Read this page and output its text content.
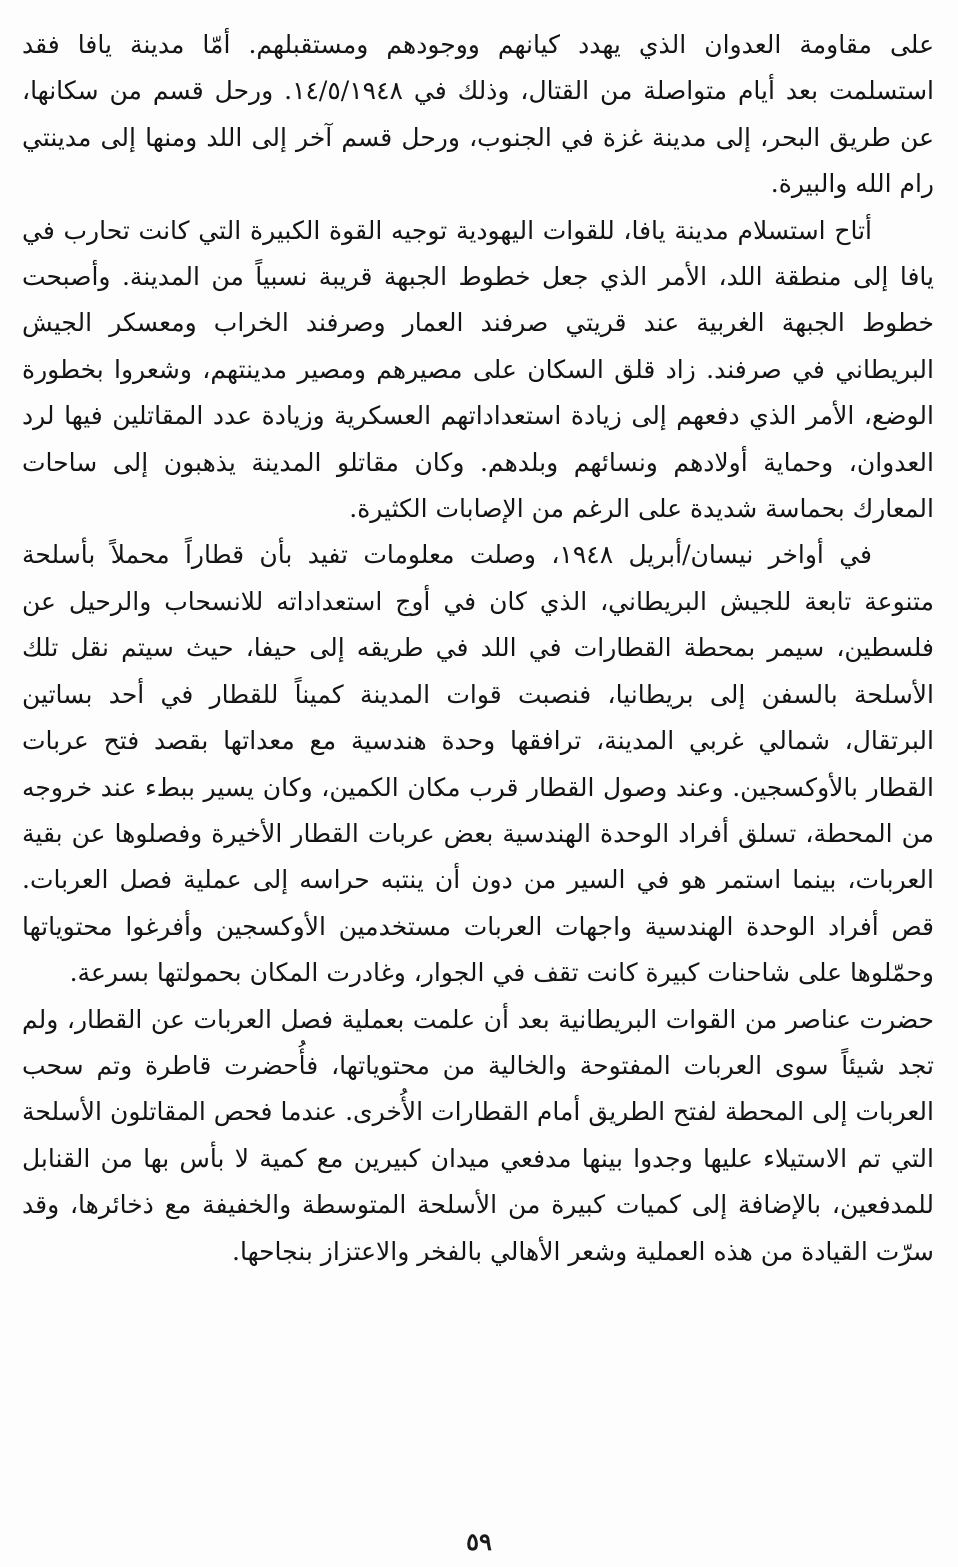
على مقاومة العدوان الذي يهدد كيانهم ووجودهم ومستقبلهم. أمّا مدينة يافا فقد استسلمت بعد أيام متواصلة من القتال، وذلك في ١٤/٥/١٩٤٨. ورحل قسم من سكانها، عن طريق البحر، إلى مدينة غزة في الجنوب، ورحل قسم آخر إلى اللد ومنها إلى مدينتي رام الله والبيرة.

أتاح استسلام مدينة يافا، للقوات اليهودية توجيه القوة الكبيرة التي كانت تحارب في يافا إلى منطقة اللد، الأمر الذي جعل خطوط الجبهة قريبة نسبياً من المدينة. وأصبحت خطوط الجبهة الغربية عند قريتي صرفند العمار وصرفند الخراب ومعسكر الجيش البريطاني في صرفند. زاد قلق السكان على مصيرهم ومصير مدينتهم، وشعروا بخطورة الوضع، الأمر الذي دفعهم إلى زيادة استعداداتهم العسكرية وزيادة عدد المقاتلين فيها لرد العدوان، وحماية أولادهم ونسائهم وبلدهم. وكان مقاتلو المدينة يذهبون إلى ساحات المعارك بحماسة شديدة على الرغم من الإصابات الكثيرة.

في أواخر نيسان/أبريل ١٩٤٨، وصلت معلومات تفيد بأن قطاراً محملاً بأسلحة متنوعة تابعة للجيش البريطاني، الذي كان في أوج استعداداته للانسحاب والرحيل عن فلسطين، سيمر بمحطة القطارات في اللد في طريقه إلى حيفا، حيث سيتم نقل تلك الأسلحة بالسفن إلى بريطانيا، فنصبت قوات المدينة كميناً للقطار في أحد بساتين البرتقال، شمالي غربي المدينة، ترافقها وحدة هندسية مع معداتها بقصد فتح عربات القطار بالأوكسجين. وعند وصول القطار قرب مكان الكمين، وكان يسير ببطء عند خروجه من المحطة، تسلق أفراد الوحدة الهندسية بعض عربات القطار الأخيرة وفصلوها عن بقية العربات، بينما استمر هو في السير من دون أن ينتبه حراسه إلى عملية فصل العربات. قص أفراد الوحدة الهندسية واجهات العربات مستخدمين الأوكسجين وأفرغوا محتوياتها وحمّلوها على شاحنات كبيرة كانت تقف في الجوار، وغادرت المكان بحمولتها بسرعة.

حضرت عناصر من القوات البريطانية بعد أن علمت بعملية فصل العربات عن القطار، ولم تجد شيئاً سوى العربات المفتوحة والخالية من محتوياتها، فأُحضرت قاطرة وتم سحب العربات إلى المحطة لفتح الطريق أمام القطارات الأُخرى. عندما فحص المقاتلون الأسلحة التي تم الاستيلاء عليها وجدوا بينها مدفعي ميدان كبيرين مع كمية لا بأس بها من القنابل للمدفعين، بالإضافة إلى كميات كبيرة من الأسلحة المتوسطة والخفيفة مع ذخائرها، وقد سرّت القيادة من هذه العملية وشعر الأهالي بالفخر والاعتزاز بنجاحها.

٥٩
